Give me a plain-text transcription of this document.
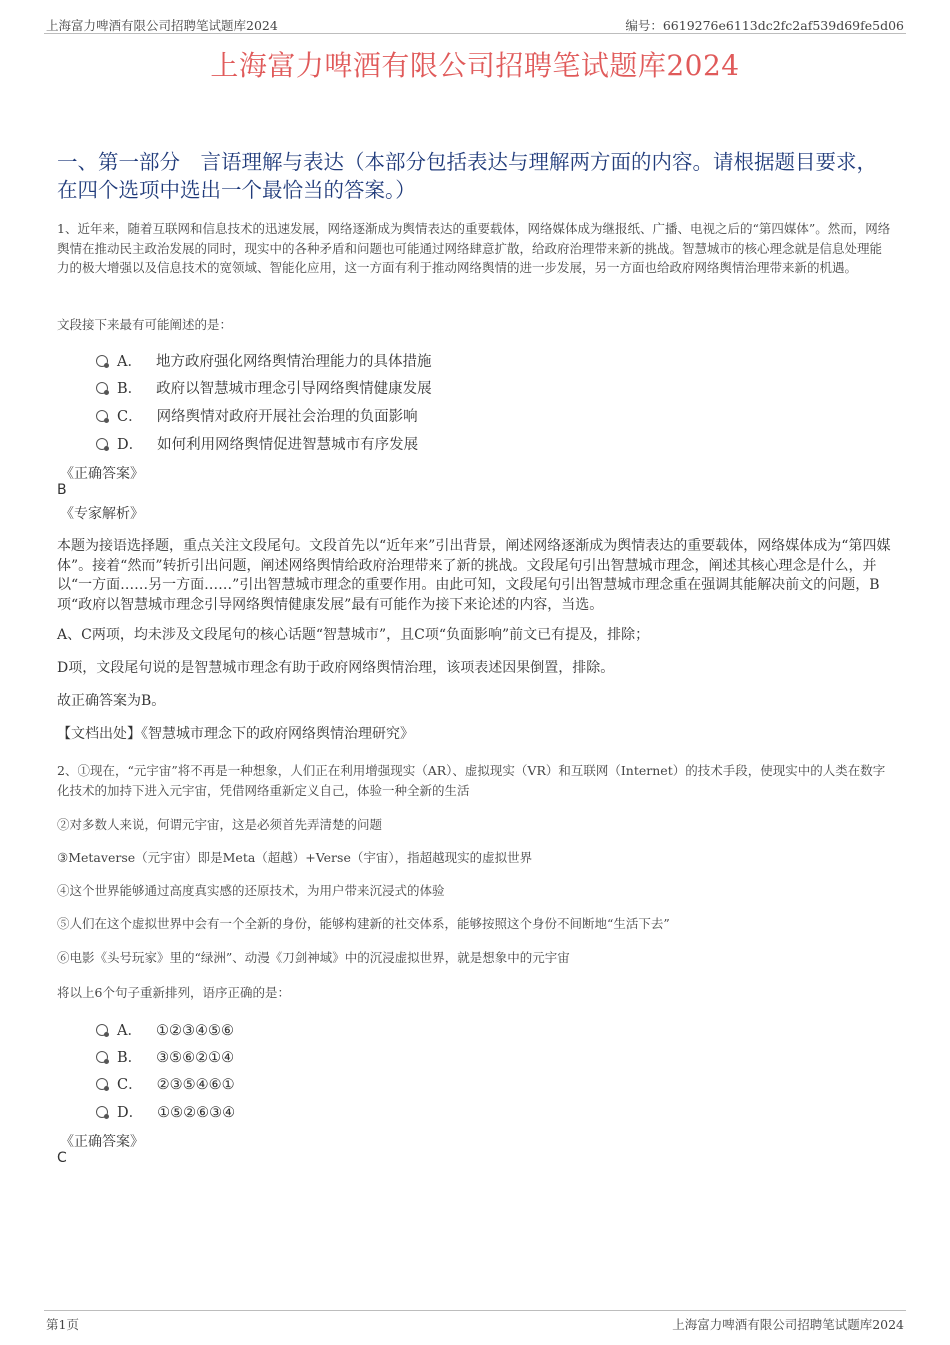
上海富力啤酒有限公司招聘笔试题库2024	编号：6619276e6113dc2fc2af539d69fe5d06
上海富力啤酒有限公司招聘笔试题库2024
一、第一部分　言语理解与表达（本部分包括表达与理解两方面的内容。请根据题目要求，在四个选项中选出一个最恰当的答案。）
1、近年来，随着互联网和信息技术的迅速发展，网络逐渐成为舆情表达的重要载体，网络媒体成为继报纸、广播、电视之后的“第四媒体”。然而，网络舆情在推动民主政治发展的同时，现实中的各种矛盾和问题也可能通过网络肆意扩散，给政府治理带来新的挑战。智慧城市的核心理念就是信息处理能力的极大增强以及信息技术的宽领域、智能化应用，这一方面有利于推动网络舆情的进一步发展，另一方面也给政府网络舆情治理带来新的机遇。
文段接下来最有可能阐述的是：
A． 地方政府强化网络舆情治理能力的具体措施
B． 政府以智慧城市理念引导网络舆情健康发展
C． 网络舆情对政府开展社会治理的负面影响
D． 如何利用网络舆情促进智慧城市有序发展
《正确答案》
B
《专家解析》
本题为接语选择题，重点关注文段尾句。文段首先以“近年来”引出背景，阐述网络逐渐成为舆情表达的重要载体，网络媒体成为“第四媒体”。接着“然而”转折引出问题，阐述网络舆情给政府治理带来了新的挑战。文段尾句引出智慧城市理念，阐述其核心理念是什么，并以“一方面……另一方面……”引出智慧城市理念的重要作用。由此可知，文段尾句引出智慧城市理念重在强调其能解决前文的问题，B项“政府以智慧城市理念引导网络舆情健康发展”最有可能作为接下来论述的内容，当选。
A、C两项，均未涉及文段尾句的核心话题“智慧城市”，且C项“负面影响”前文已有提及，排除；
D项，文段尾句说的是智慧城市理念有助于政府网络舆情治理，该项表述因果倒置，排除。
故正确答案为B。
【文档出处】《智慧城市理念下的政府网络舆情治理研究》
2、①现在，“元宇宙”将不再是一种想象，人们正在利用增强现实（AR）、虚拟现实（VR）和互联网（Internet）的技术手段，使现实中的人类在数字化技术的加持下进入元宇宙，凭借网络重新定义自己，体验一种全新的生活
②对多数人来说，何谓元宇宙，这是必须首先弄清楚的问题
③Metaverse（元宇宙）即是Meta（超越）+Verse（宇宙），指超越现实的虚拟世界
④这个世界能够通过高度真实感的还原技术，为用户带来沉浸式的体验
⑤人们在这个虚拟世界中会有一个全新的身份，能够构建新的社交体系，能够按照这个身份不间断地“生活下去”
⑥电影《头号玩家》里的“绿洲”、动漫《刀剑神域》中的沉浸虚拟世界，就是想象中的元宇宙
将以上6个句子重新排列，语序正确的是：
A． ①②③④⑤⑥
B． ③⑤⑥②①④
C． ②③⑤④⑥①
D． ①⑤②⑥③④
《正确答案》
C
第1页	上海富力啤酒有限公司招聘笔试题库2024
